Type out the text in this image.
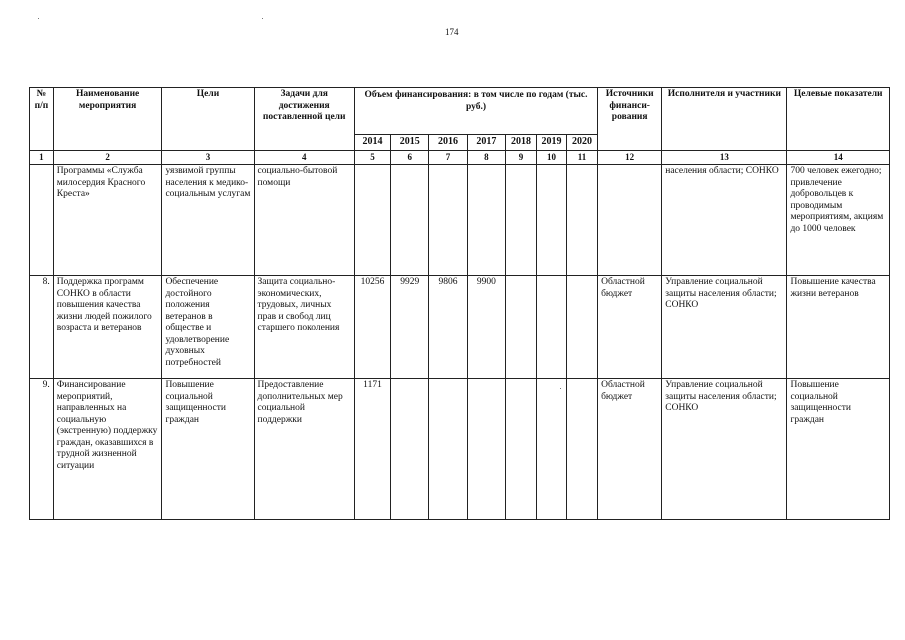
174
№ п/п	Наименование мероприятия	Цели	Задачи для достижения поставленной цели	Объем финансирования: в том числе по годам (тыс. руб.)							Источники финанси-рования	Исполнителя и участники	Целевые показатели
				2014	2015	2016	2017	2018	2019	2020			
1	2	3	4	5	6	7	8	9	10	11	12	13	14
	Программы «Служба милосердия Красного Креста»	уязвимой группы населения к медико-социальным услугам	социально-бытовой помощи									населения области; СОНКО	700 человек ежегодно; привлечение добровольцев к проводимым мероприятиям, акциям до 1000 человек
8.	Поддержка программ СОНКО в области повышения качества жизни людей пожилого возраста и ветеранов	Обеспечение достойного положения ветеранов в обществе и удовлетворение духовных потребностей	Защита социально-экономических, трудовых, личных прав и свобод лиц старшего поколения	10256	9929	9806	9900				Областной бюджет	Управление социальной защиты населения области; СОНКО	Повышение качества жизни ветеранов
9.	Финансирование мероприятий, направленных на социальную (экстренную) поддержку граждан, оказавшихся в трудной жизненной ситуации	Повышение социальной защищенности граждан	Предоставление дополнительных мер социальной поддержки	1171							Областной бюджет	Управление социальной защиты населения области; СОНКО	Повышение социальной защищенности граждан
